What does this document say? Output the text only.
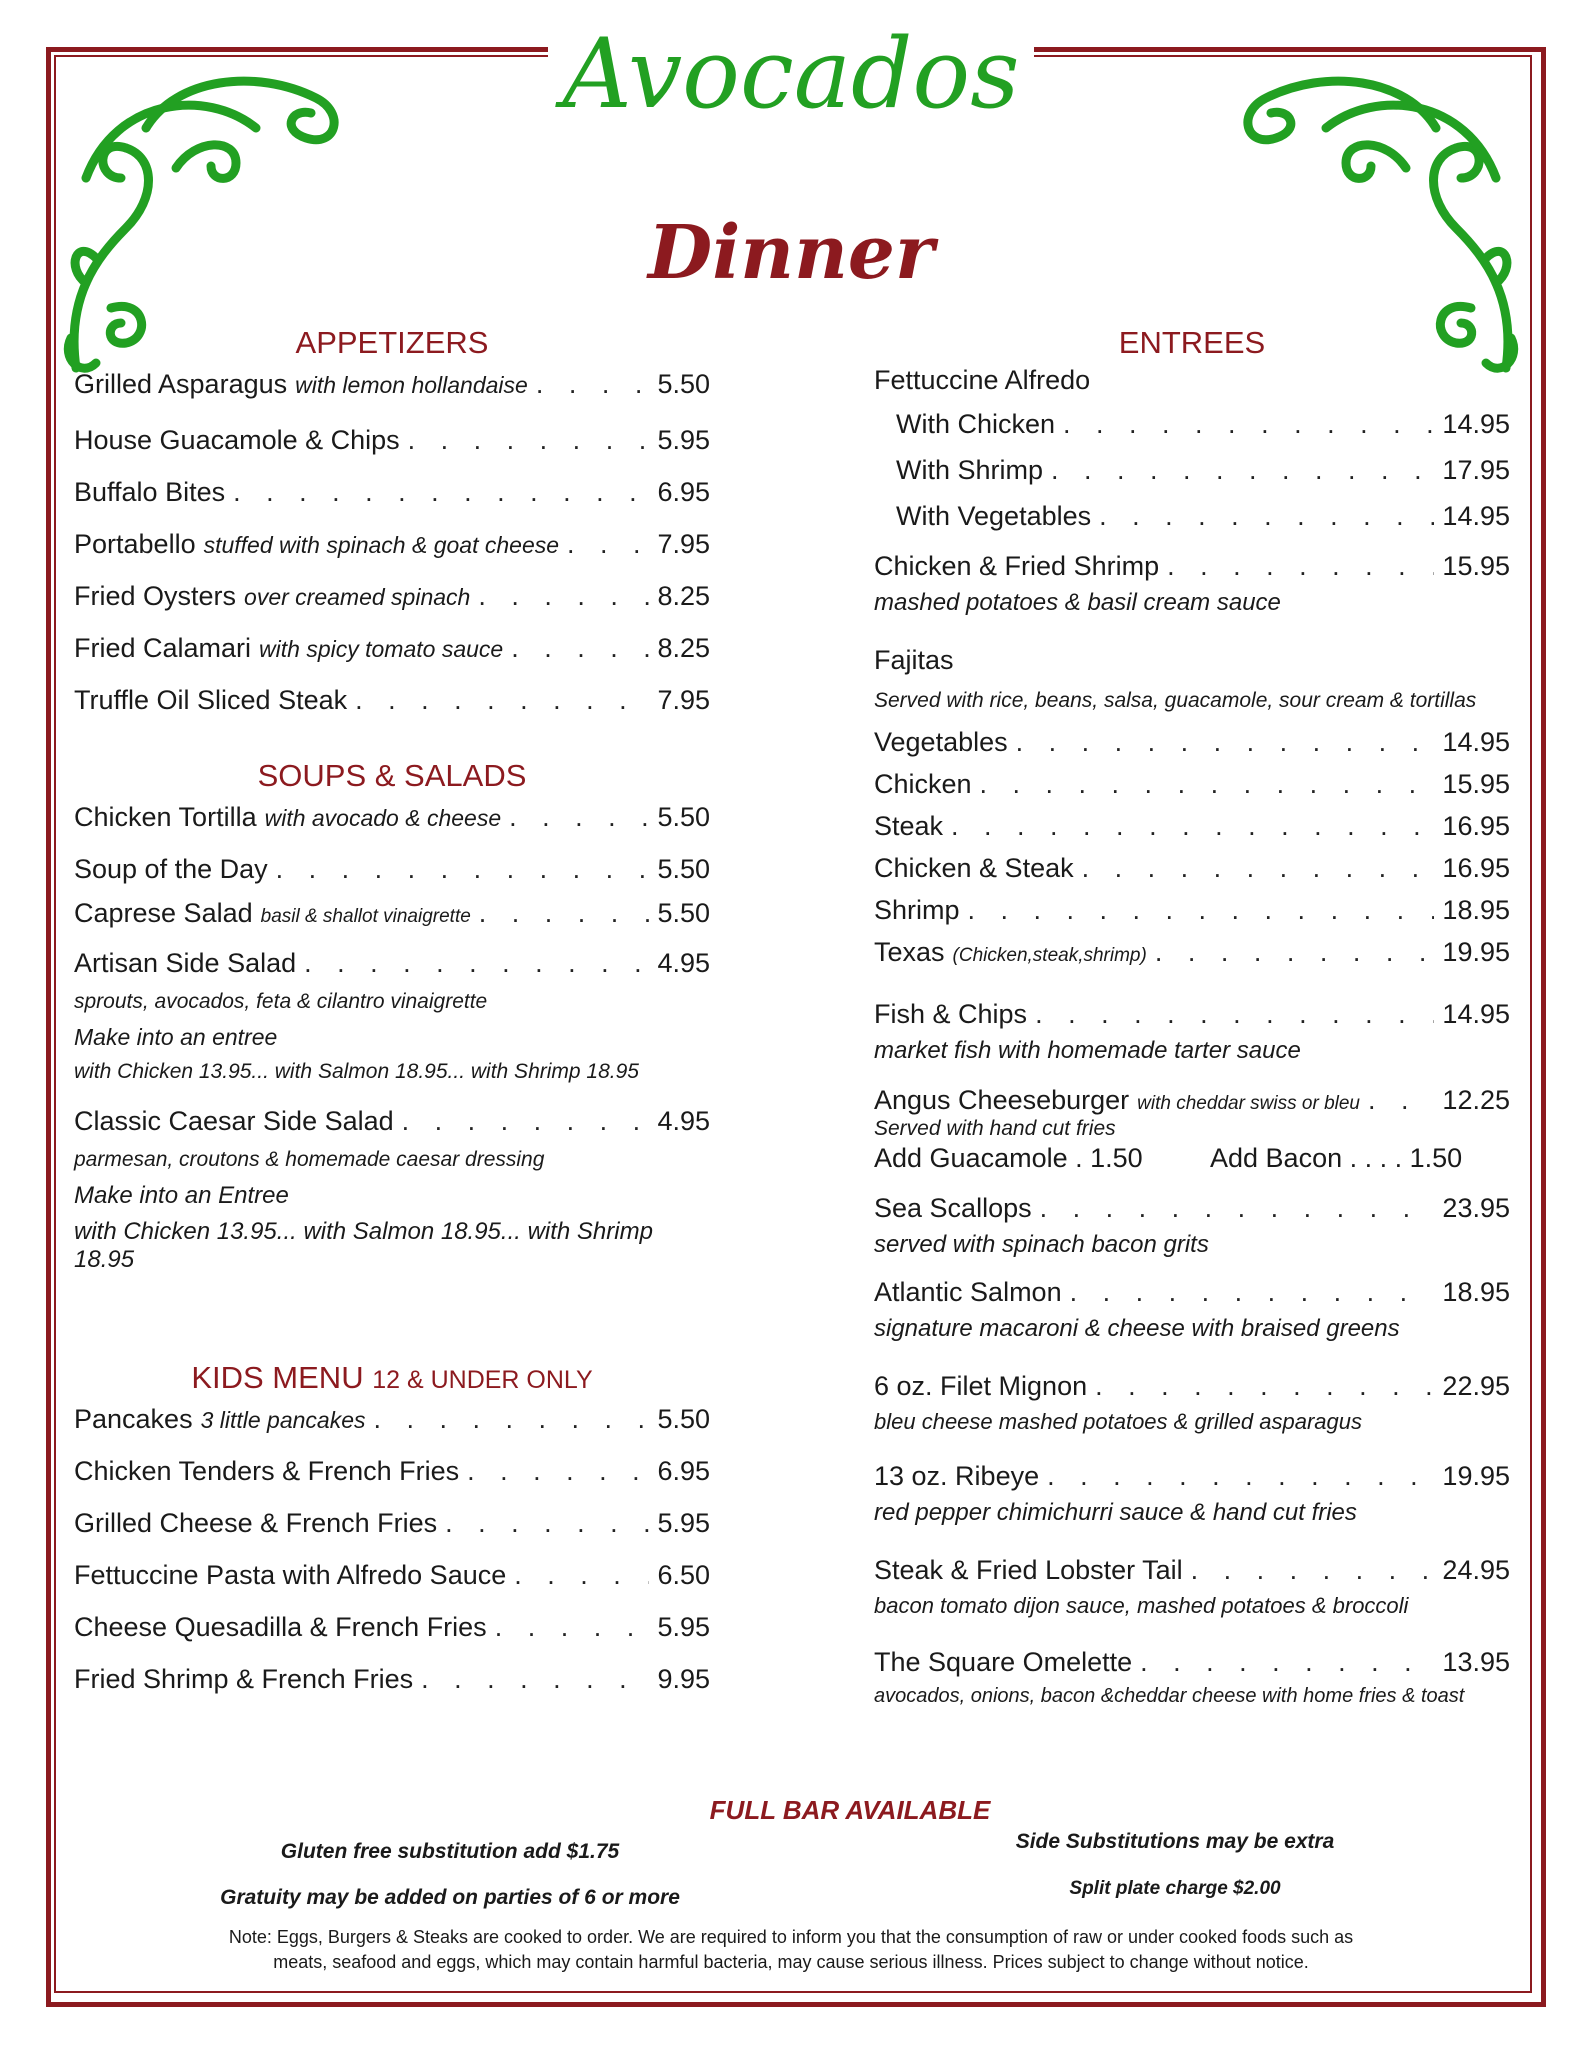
Avocados
Dinner
APPETIZERS
Grilled Asparagus with lemon hollandaise . . .	5.50
House Guacamole & Chips . . .	5.95
Buffalo Bites . . .	6.95
Portabello stuffed with spinach & goat cheese . . .	7.95
Fried Oysters over creamed spinach . . .	8.25
Fried Calamari with spicy tomato sauce . . .	8.25
Truffle Oil Sliced Steak . . .	7.95
SOUPS & SALADS
Chicken Tortilla with avocado & cheese . . .	5.50
Soup of the Day . . .	5.50
Caprese Salad basil & shallot vinaigrette . . .	5.50
Artisan Side Salad . . .	4.95
sprouts, avocados, feta & cilantro vinaigrette
Make into an entree
with Chicken 13.95... with Salmon 18.95... with Shrimp 18.95
Classic Caesar Side Salad . . .	4.95
parmesan, croutons & homemade caesar dressing
Make into an Entree
with Chicken 13.95... with Salmon 18.95... with Shrimp 18.95
KIDS MENU 12 & UNDER ONLY
Pancakes 3 little pancakes . . .	5.50
Chicken Tenders & French Fries . . .	6.95
Grilled Cheese & French Fries . . .	5.95
Fettuccine Pasta with Alfredo Sauce . . .	6.50
Cheese Quesadilla & French Fries . . .	5.95
Fried Shrimp & French Fries . . .	9.95
ENTREES
Fettuccine Alfredo
With Chicken . . .	14.95
With Shrimp . . .	17.95
With Vegetables . . .	14.95
Chicken & Fried Shrimp . . .	15.95
mashed potatoes & basil cream sauce
Fajitas
Served with rice, beans, salsa, guacamole, sour cream & tortillas
Vegetables . . .	14.95
Chicken . . .	15.95
Steak . . .	16.95
Chicken & Steak . . .	16.95
Shrimp . . .	18.95
Texas (Chicken,steak,shrimp) . . .	19.95
Fish & Chips . . .	14.95
market fish with homemade tarter sauce
Angus Cheeseburger with cheddar swiss or bleu . . .	12.25
Served with hand cut fries
Add Guacamole . 1.50	Add Bacon . . . . 1.50
Sea Scallops . . .	23.95
served with spinach bacon grits
Atlantic Salmon . . .	18.95
signature macaroni & cheese with braised greens
6 oz. Filet Mignon . . .	22.95
bleu cheese mashed potatoes & grilled asparagus
13 oz. Ribeye . . .	19.95
red pepper chimichurri sauce & hand cut fries
Steak & Fried Lobster Tail . . .	24.95
bacon tomato dijon sauce, mashed potatoes & broccoli
The Square Omelette . . .	13.95
avocados, onions, bacon &cheddar cheese with home fries & toast
FULL BAR AVAILABLE
Gluten free substitution add $1.75
Gratuity may be added on parties of 6 or more
Side Substitutions may be extra
Split plate charge $2.00
Note: Eggs, Burgers & Steaks are cooked to order. We are required to inform you that the consumption of raw or under cooked foods such as
meats, seafood and eggs, which may contain harmful bacteria, may cause serious illness. Prices subject to change without notice.
